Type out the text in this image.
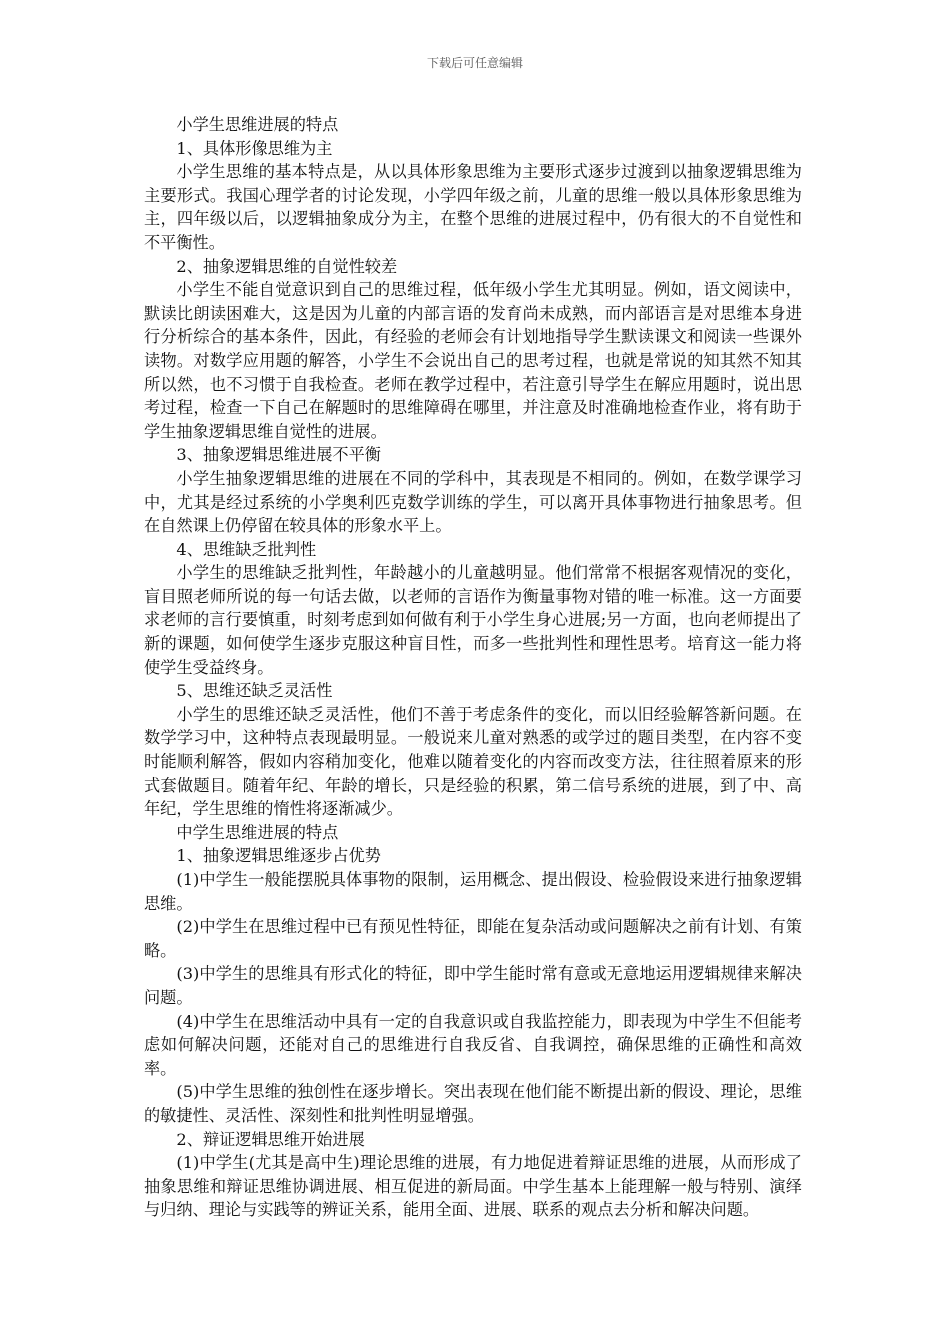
下载后可任意编辑

小学生思维进展的特点

1、具体形像思维为主

小学生思维的基本特点是，从以具体形象思维为主要形式逐步过渡到以抽象逻辑思维为主要形式。我国心理学者的讨论发现，小学四年级之前，儿童的思维一般以具体形象思维为主，四年级以后，以逻辑抽象成分为主，在整个思维的进展过程中，仍有很大的不自觉性和不平衡性。

2、抽象逻辑思维的自觉性较差

小学生不能自觉意识到自己的思维过程，低年级小学生尤其明显。例如，语文阅读中，默读比朗读困难大，这是因为儿童的内部言语的发育尚未成熟，而内部语言是对思维本身进行分析综合的基本条件，因此，有经验的老师会有计划地指导学生默读课文和阅读一些课外读物。对数学应用题的解答，小学生不会说出自己的思考过程，也就是常说的知其然不知其所以然，也不习惯于自我检查。老师在教学过程中，若注意引导学生在解应用题时，说出思考过程，检查一下自己在解题时的思维障碍在哪里，并注意及时准确地检查作业，将有助于学生抽象逻辑思维自觉性的进展。

3、抽象逻辑思维进展不平衡

小学生抽象逻辑思维的进展在不同的学科中，其表现是不相同的。例如，在数学课学习中，尤其是经过系统的小学奥利匹克数学训练的学生，可以离开具体事物进行抽象思考。但在自然课上仍停留在较具体的形象水平上。

4、思维缺乏批判性

小学生的思维缺乏批判性，年龄越小的儿童越明显。他们常常不根据客观情况的变化，盲目照老师所说的每一句话去做，以老师的言语作为衡量事物对错的唯一标准。这一方面要求老师的言行要慎重，时刻考虑到如何做有利于小学生身心进展;另一方面，也向老师提出了新的课题，如何使学生逐步克服这种盲目性，而多一些批判性和理性思考。培育这一能力将使学生受益终身。

5、思维还缺乏灵活性

小学生的思维还缺乏灵活性，他们不善于考虑条件的变化，而以旧经验解答新问题。在数学学习中，这种特点表现最明显。一般说来儿童对熟悉的或学过的题目类型，在内容不变时能顺利解答，假如内容稍加变化，他难以随着变化的内容而改变方法，往往照着原来的形式套做题目。随着年纪、年龄的增长，只是经验的积累，第二信号系统的进展，到了中、高年纪，学生思维的惰性将逐渐减少。

中学生思维进展的特点

1、抽象逻辑思维逐步占优势

(1)中学生一般能摆脱具体事物的限制，运用概念、提出假设、检验假设来进行抽象逻辑思维。

(2)中学生在思维过程中已有预见性特征，即能在复杂活动或问题解决之前有计划、有策略。

(3)中学生的思维具有形式化的特征，即中学生能时常有意或无意地运用逻辑规律来解决问题。

(4)中学生在思维活动中具有一定的自我意识或自我监控能力，即表现为中学生不但能考虑如何解决问题，还能对自己的思维进行自我反省、自我调控，确保思维的正确性和高效率。

(5)中学生思维的独创性在逐步增长。突出表现在他们能不断提出新的假设、理论，思维的敏捷性、灵活性、深刻性和批判性明显增强。

2、辩证逻辑思维开始进展

(1)中学生(尤其是高中生)理论思维的进展，有力地促进着辩证思维的进展，从而形成了抽象思维和辩证思维协调进展、相互促进的新局面。中学生基本上能理解一般与特别、演绎与归纳、理论与实践等的辨证关系，能用全面、进展、联系的观点去分析和解决问题。
